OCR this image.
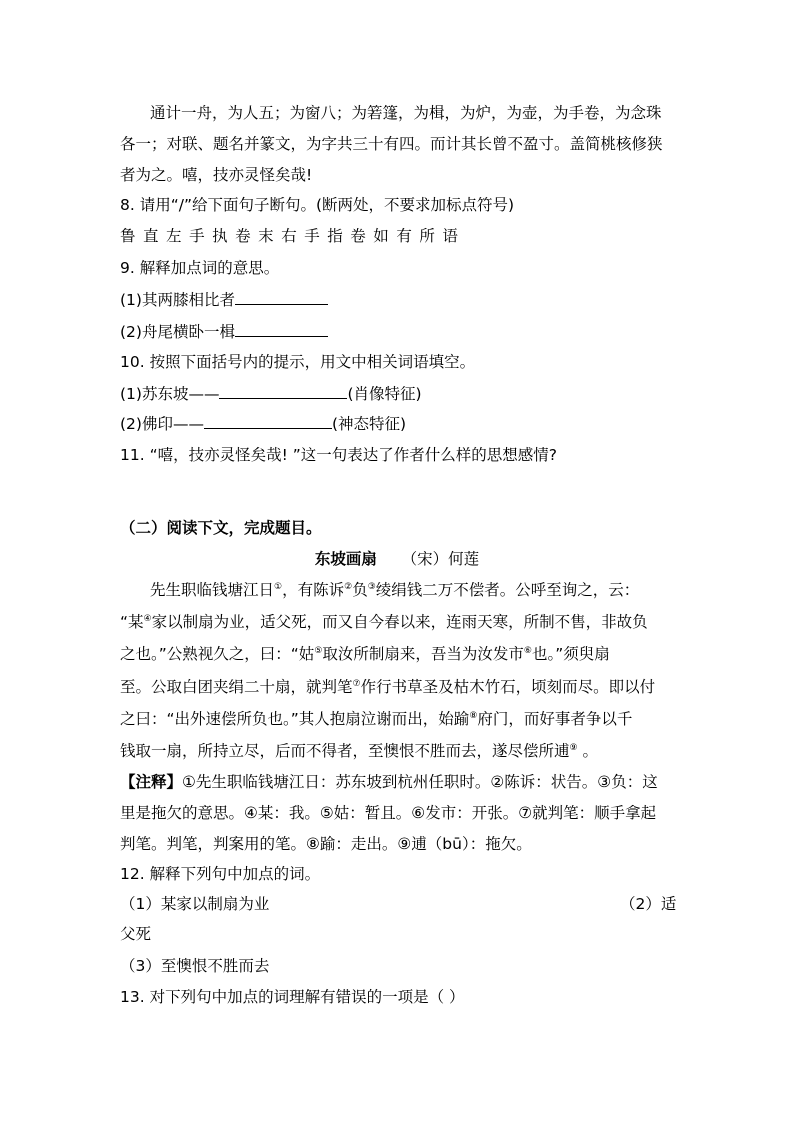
通计一舟，为人五；为窗八；为箬篷，为楫，为炉，为壶，为手卷，为念珠
各一；对联、题名并篆文，为字共三十有四。而计其长曾不盈寸。盖简桃核修狭
者为之。嘻，技亦灵怪矣哉!
8. 请用“/”给下面句子断句。(断两处，不要求加标点符号)
鲁 直 左 手 执 卷 末 右 手 指 卷 如 有 所 语
9. 解释加点词的意思。
(1)其两膝相比者
(2)舟尾横卧一楫
10. 按照下面括号内的提示，用文中相关词语填空。
(1)苏东坡——	(肖像特征)
(2)佛印——	(神态特征)
11. “嘻，技亦灵怪矣哉! ”这一句表达了作者什么样的思想感情?
（二）阅读下文，完成题目。
东坡画扇 （宋）何莲
先生职临钱塘江日①，有陈诉②负③绫绢钱二万不偿者。公呼至询之，云：
“某④家以制扇为业，适父死，而又自今春以来，连雨天寒，所制不售，非故负
之也。”公熟视久之，曰：“姑⑤取汝所制扇来，吾当为汝发市⑥也。”须臾扇
至。公取白团夹绢二十扇，就判笔⑦作行书草圣及枯木竹石，顷刻而尽。即以付
之曰：“出外速偿所负也。”其人抱扇泣谢而出，始踰⑧府门，而好事者争以千
钱取一扇，所持立尽，后而不得者，至懊恨不胜而去，遂尽偿所逋⑨ 。
【注释】①先生职临钱塘江日：苏东坡到杭州任职时。②陈诉：状告。③负：这
里是拖欠的意思。④某：我。⑤姑：暂且。⑥发市：开张。⑦就判笔：顺手拿起
判笔。判笔，判案用的笔。⑧踰：走出。⑨逋（bū）：拖欠。
12. 解释下列句中加点的词。
（1）某家以制扇为业	（2）适
父死
（3）至懊恨不胜而去
13. 对下列句中加点的词理解有错误的一项是（ ）
